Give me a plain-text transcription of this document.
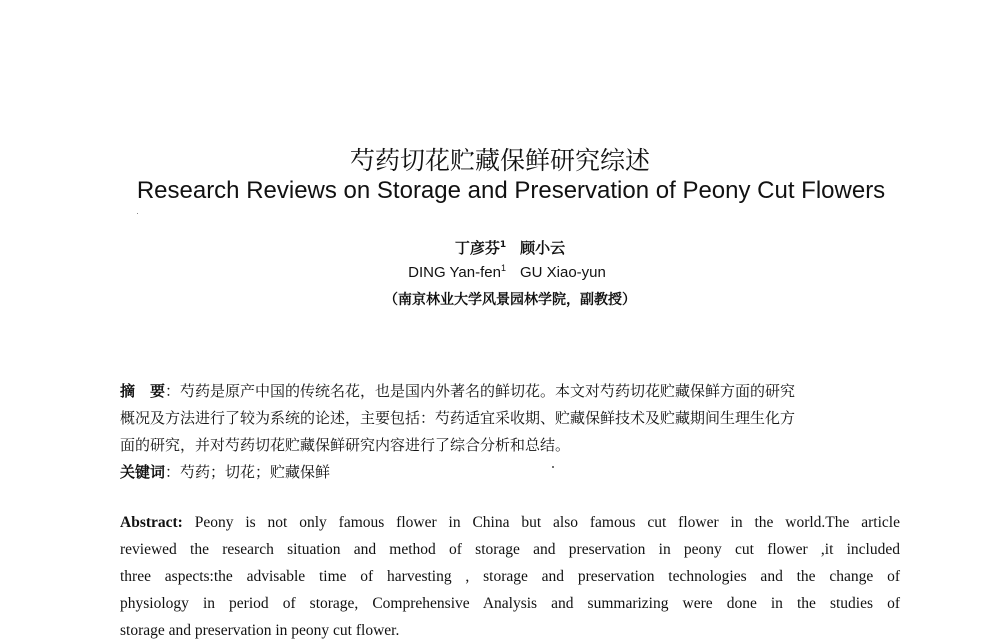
芍药切花贮藏保鲜研究综述
Research Reviews on Storage and Preservation of Peony Cut Flowers
丁彦芬$^1$ 顾小云
DING Yan-fen$^1$ GU Xiao-yun
（南京林业大学风景园林学院，副教授）
摘　要：芍药是原产中国的传统名花，也是国内外著名的鲜切花。本文对芍药切花贮藏保鲜方面的研究
概况及方法进行了较为系统的论述，主要包括：芍药适宜采收期、贮藏保鲜技术及贮藏期间生理生化方
面的研究，并对芍药切花贮藏保鲜研究内容进行了综合分析和总结。
关键词：芍药；切花；贮藏保鲜
Abstract: Peony is not only famous flower in China but also famous cut flower in the world.The article
reviewed the research situation and method of storage and preservation in peony cut flower ,it included
three aspects:the advisable time of harvesting , storage and preservation technologies and the change of
physiology in period of storage, Comprehensive Analysis and summarizing were done in the studies of
storage and preservation in peony cut flower.
